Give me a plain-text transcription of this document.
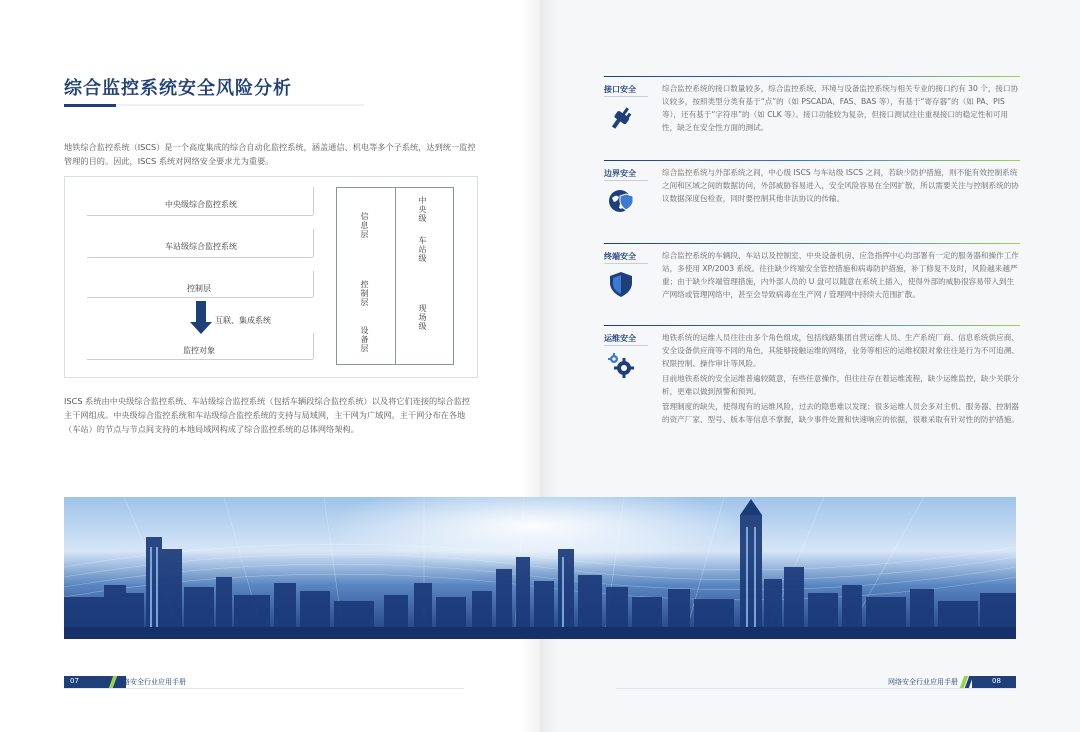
综合监控系统安全风险分析
地铁综合监控系统（ISCS）是一个高度集成的综合自动化监控系统，涵盖通信、机电等多个子系统，达到统一监控管理的目的。因此，ISCS 系统对网络安全要求尤为重要。
中央级综合监控系统
车站级综合监控系统
控制层
互联、集成系统
监控对象
信息层
控制层
设备层
中央级
车站级
现场级
ISCS 系统由中央级综合监控系统、车站级综合监控系统（包括车辆段综合监控系统）以及将它们连接的综合监控主干网组成。中央级综合监控系统和车站级综合监控系统的支持与局域网，主干网为广域网。主干网分布在各地（车站）的节点与节点间支持的本地局域网构成了综合监控系统的总体网络架构。
07	网络安全行业应用手册
接口安全	综合监控系统的接口数量较多，综合监控系统、环境与设备监控系统与相关专业的接口约有 30 个，接口协议较多，按照类型分类有基于“点”的（如 PSCADA、FAS、BAS 等），有基于“寄存器”的（如 PA、PIS 等），还有基于“字符串”的（如 CLK 等）。接口功能较为复杂，但接口测试往往重视接口的稳定性和可用性，缺乏在安全性方面的测试。
边界安全	综合监控系统与外部系统之间，中心级 ISCS 与车站级 ISCS 之间，若缺少防护措施，则不能有效控制系统之间和区域之间的数据访问，外部威胁容易进入，安全风险容易在全网扩散，所以需要关注与控制系统的协议数据深度包检查，同时要控制其他非法协议的传输。
终端安全	综合监控系统的车辆段、车站以及控制室、中央设备机房、应急指挥中心均部署有一定的服务器和操作工作站，多使用 XP/2003 系统。往往缺少终端安全管控措施和病毒防护措施，补丁修复不及时，风险越来越严重；由于缺少终端管理措施，内外部人员的 U 盘可以随意在系统上插入，使得外部的威胁很容易带入到生产网络或管理网络中，甚至会导致病毒在生产网 / 管理网中持续大范围扩散。
运维安全	地铁系统的运维人员往往由多个角色组成，包括线路集团自营运维人员、生产系统厂商、信息系统供应商、安全设备供应商等不同的角色，其能够接触运维的网络，业务等相应的运维权限对象往往是行为不可追溯、权限控制、操作审计等风险。
目前地铁系统的安全运维普遍较随意，有些任意操作，但往往存在着运维流程，缺少运维监控，缺少关联分析，更难以做到预警和预判。
管理制度的缺失，使得现有的运维风险，过去的隐患难以发现；很多运维人员会多对主机、服务器、控制器的资产厂家、型号、版本等信息不掌握，缺少事件处置和快速响应的依据，很难采取有针对性的防护措施。
网络安全行业应用手册	08
